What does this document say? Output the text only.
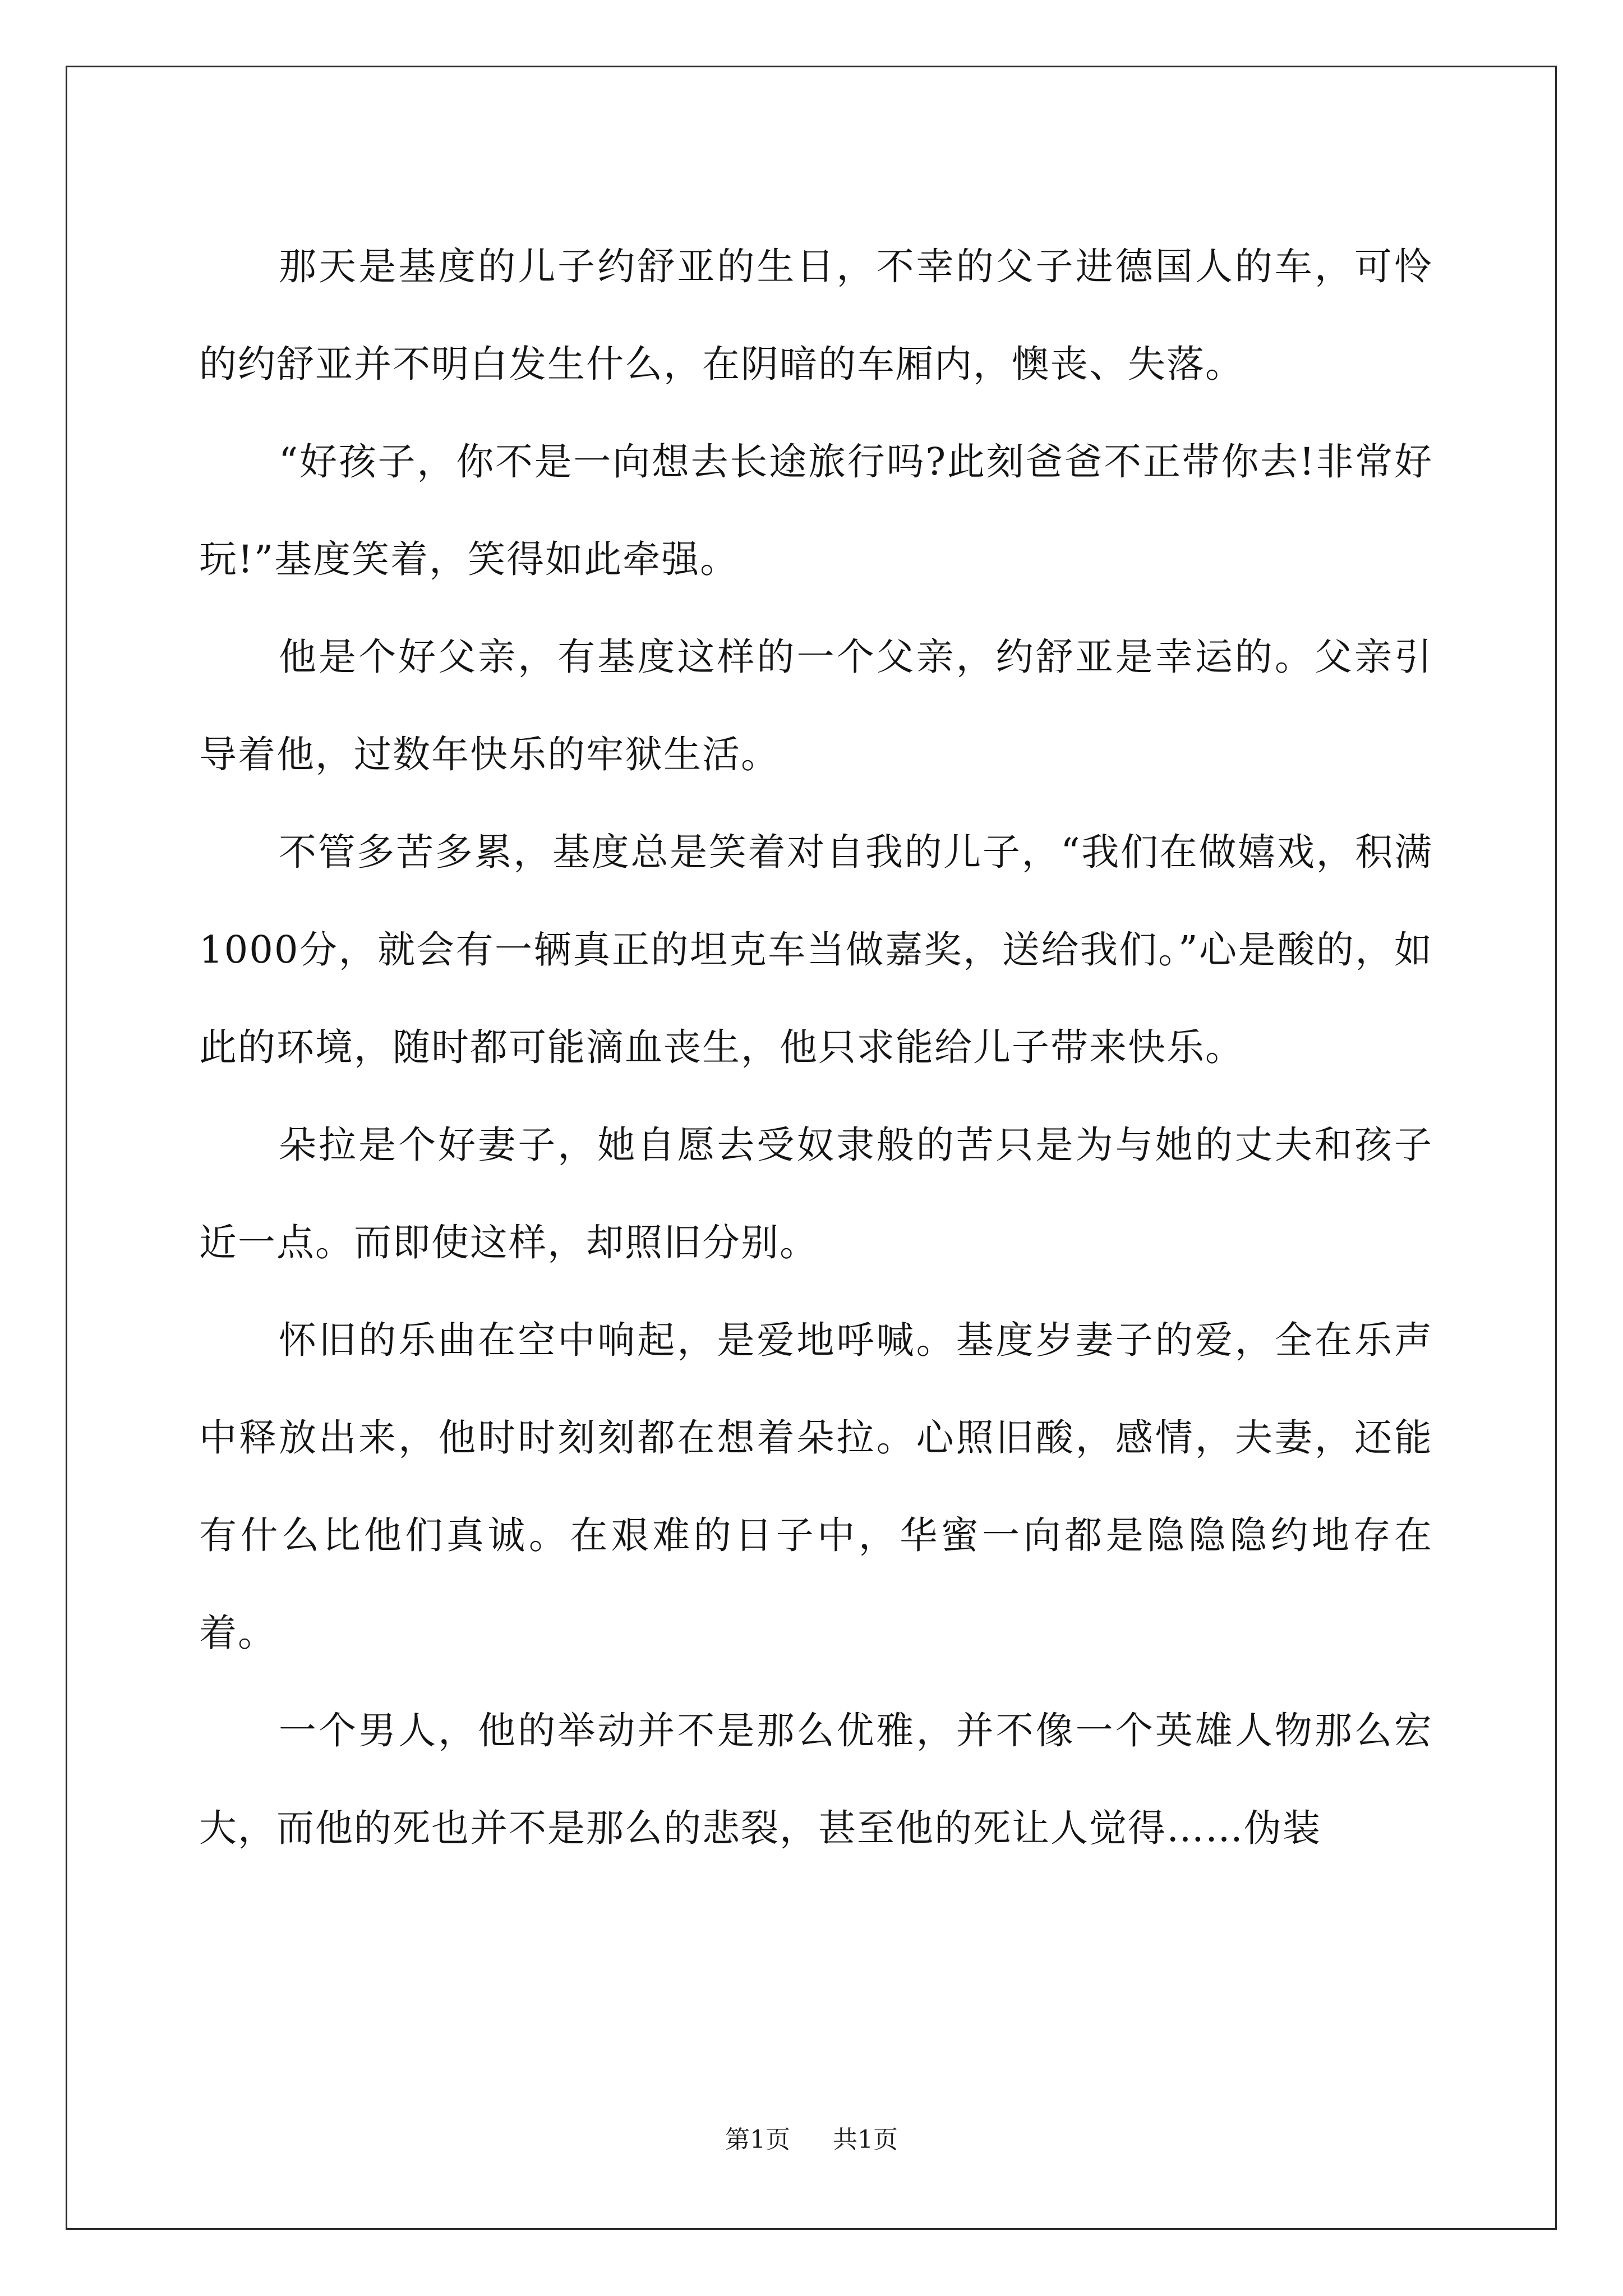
那天是基度的儿子约舒亚的生日，不幸的父子进德国人的车，可怜的约舒亚并不明白发生什么，在阴暗的车厢内，懊丧、失落。

“好孩子，你不是一向想去长途旅行吗?此刻爸爸不正带你去!非常好玩!”基度笑着，笑得如此牵强。

他是个好父亲，有基度这样的一个父亲，约舒亚是幸运的。父亲引导着他，过数年快乐的牢狱生活。

不管多苦多累，基度总是笑着对自我的儿子，“我们在做嬉戏，积满1000分，就会有一辆真正的坦克车当做嘉奖，送给我们。”心是酸的，如此的环境，随时都可能滴血丧生，他只求能给儿子带来快乐。

朵拉是个好妻子，她自愿去受奴隶般的苦只是为与她的丈夫和孩子近一点。而即使这样，却照旧分别。

怀旧的乐曲在空中响起，是爱地呼喊。基度岁妻子的爱，全在乐声中释放出来，他时时刻刻都在想着朵拉。心照旧酸，感情，夫妻，还能有什么比他们真诚。在艰难的日子中，华蜜一向都是隐隐隐约地存在着。

一个男人，他的举动并不是那么优雅，并不像一个英雄人物那么宏大，而他的死也并不是那么的悲裂，甚至他的死让人觉得……伪装

第1页 共1页
